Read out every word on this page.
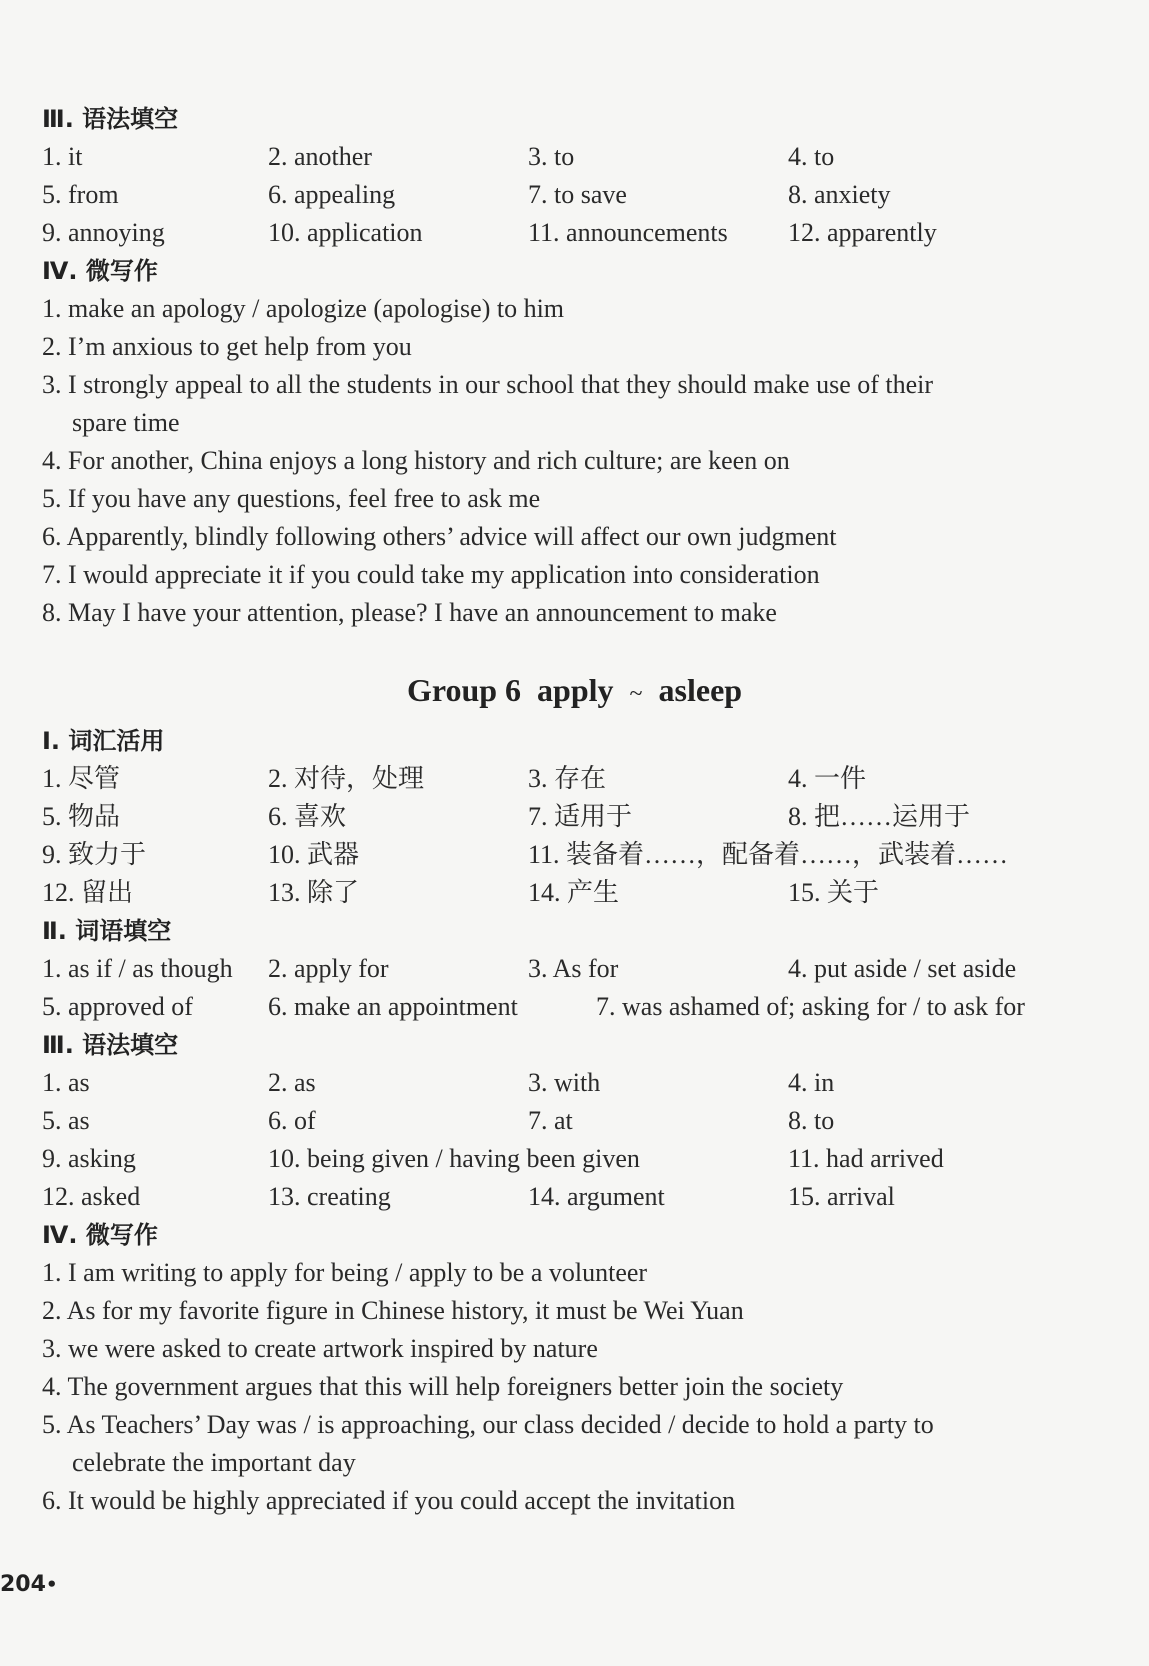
Ⅲ. 语法填空
1. it	2. another	3. to	4. to
5. from	6. appealing	7. to save	8. anxiety
9. annoying	10. application	11. announcements 12. apparently
Ⅳ. 微写作
1. make an apology / apologize (apologise) to him
2. I’m anxious to get help from you
3. I strongly appeal to all the students in our school that they should make use of their
spare time
4. For another, China enjoys a long history and rich culture; are keen on
5. If you have any questions, feel free to ask me
6. Apparently, blindly following others’ advice will affect our own judgment
7. I would appreciate it if you could take my application into consideration
8. May I have your attention, please? I have an announcement to make
Group 6 apply ~ asleep
Ⅰ. 词汇活用
1. 尽管	2. 对待，处理	3. 存在	4. 一件
5. 物品	6. 喜欢	7. 适用于	8. 把……运用于
9. 致力于	10. 武器	11. 装备着……，配备着……，武装着……
12. 留出	13. 除了	14. 产生	15. 关于
Ⅱ. 词语填空
1. as if / as though 2. apply for	3. As for	4. put aside / set aside
5. approved of	6. make an appointment	7. was ashamed of; asking for / to ask for
Ⅲ. 语法填空
1. as	2. as	3. with	4. in
5. as	6. of	7. at	8. to
9. asking	10. being given / having been given	11. had arrived
12. asked	13. creating	14. argument	15. arrival
Ⅳ. 微写作
1. I am writing to apply for being / apply to be a volunteer
2. As for my favorite figure in Chinese history, it must be Wei Yuan
3. we were asked to create artwork inspired by nature
4. The government argues that this will help foreigners better join the society
5. As Teachers’ Day was / is approaching, our class decided / decide to hold a party to
celebrate the important day
6. It would be highly appreciated if you could accept the invitation
204•
